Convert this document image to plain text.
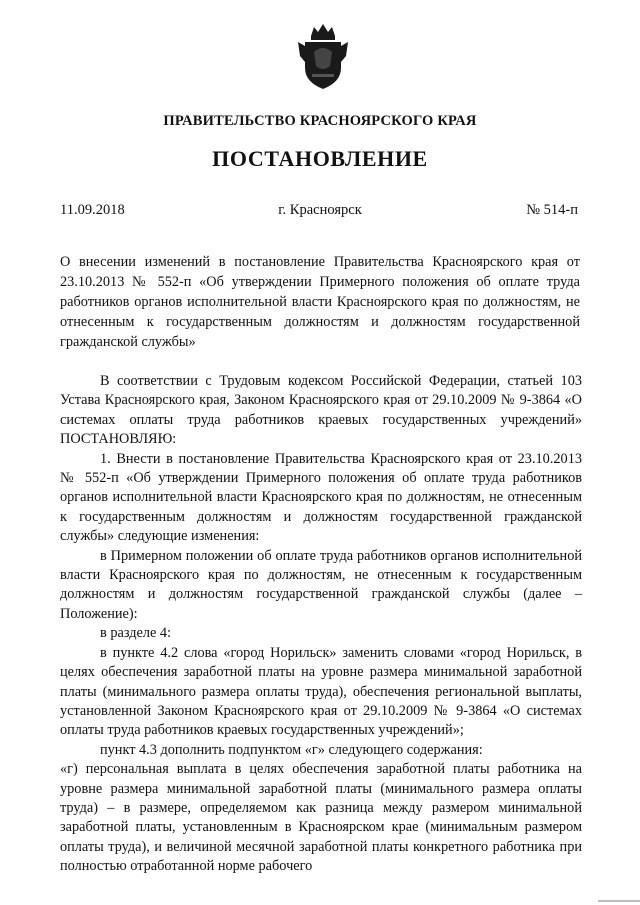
ПРАВИТЕЛЬСТВО КРАСНОЯРСКОГО КРАЯ
ПОСТАНОВЛЕНИЕ
11.09.2018	г. Красноярск	№ 514-п
О внесении изменений в постановление Правительства Красноярского края от 23.10.2013 № 552-п «Об утверждении Примерного положения об оплате труда работников органов исполнительной власти Красноярского края по должностям, не отнесенным к государственным должностям и должностям государственной гражданской службы»

В соответствии с Трудовым кодексом Российской Федерации, статьей 103 Устава Красноярского края, Законом Красноярского края от 29.10.2009 № 9-3864 «О системах оплаты труда работников краевых государственных учреждений» ПОСТАНОВЛЯЮ:

1. Внести в постановление Правительства Красноярского края от 23.10.2013 № 552-п «Об утверждении Примерного положения об оплате труда работников органов исполнительной власти Красноярского края по должностям, не отнесенным к государственным должностям и должностям государственной гражданской службы» следующие изменения:

в Примерном положении об оплате труда работников органов исполнительной власти Красноярского края по должностям, не отнесенным к государственным должностям и должностям государственной гражданской службы (далее – Положение):

в разделе 4:

в пункте 4.2 слова «город Норильск» заменить словами «город Норильск, в целях обеспечения заработной платы на уровне размера минимальной заработной платы (минимального размера оплаты труда), обеспечения региональной выплаты, установленной Законом Красноярского края от 29.10.2009 № 9-3864 «О системах оплаты труда работников краевых государственных учреждений»;

пункт 4.3 дополнить подпунктом «г» следующего содержания:

«г) персональная выплата в целях обеспечения заработной платы работника на уровне размера минимальной заработной платы (минимального размера оплаты труда) – в размере, определяемом как разница между размером минимальной заработной платы, установленным в Красноярском крае (минимальным размером оплаты труда), и величиной месячной заработной платы конкретного работника при полностью отработанной норме рабочего
